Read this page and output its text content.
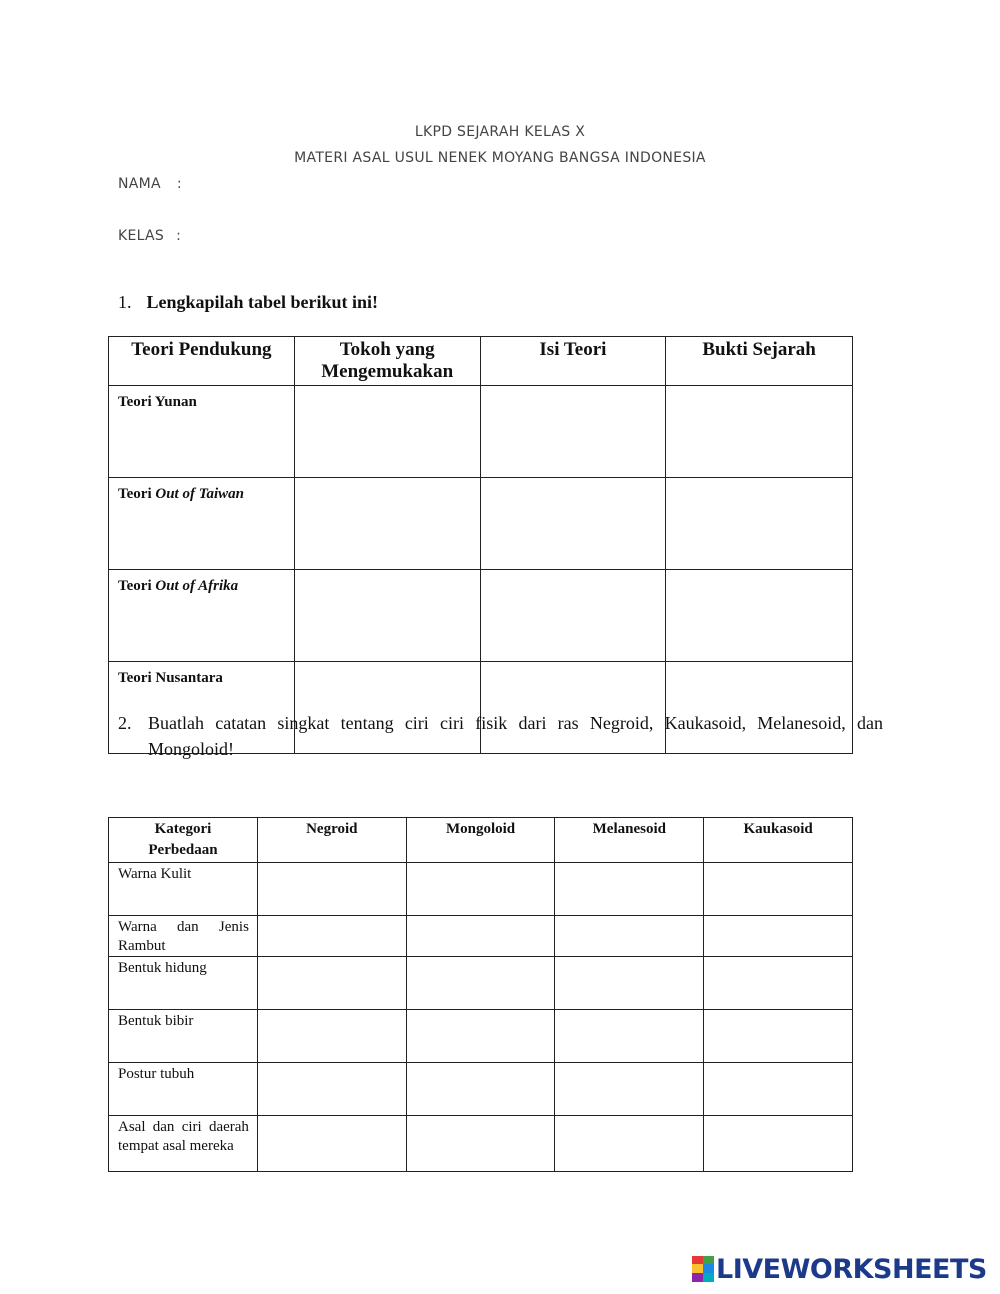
LKPD SEJARAH KELAS X
MATERI ASAL USUL NENEK MOYANG BANGSA INDONESIA
NAMA :
KELAS :
1. Lengkapilah tabel berikut ini!
Teori Pendukung	Tokoh yang Mengemukakan	Isi Teori	Bukti Sejarah
Teori Yunan			
Teori Out of Taiwan			
Teori Out of Afrika			
Teori Nusantara			
2. Buatlah catatan singkat tentang ciri ciri fisik dari ras Negroid, Kaukasoid, Melanesoid, dan Mongoloid!
Kategori Perbedaan	Negroid	Mongoloid	Melanesoid	Kaukasoid
Warna Kulit				
Warna dan Jenis Rambut				
Bentuk hidung				
Bentuk bibir				
Postur tubuh				
Asal dan ciri daerah tempat asal mereka				
LIVEWORKSHEETS
